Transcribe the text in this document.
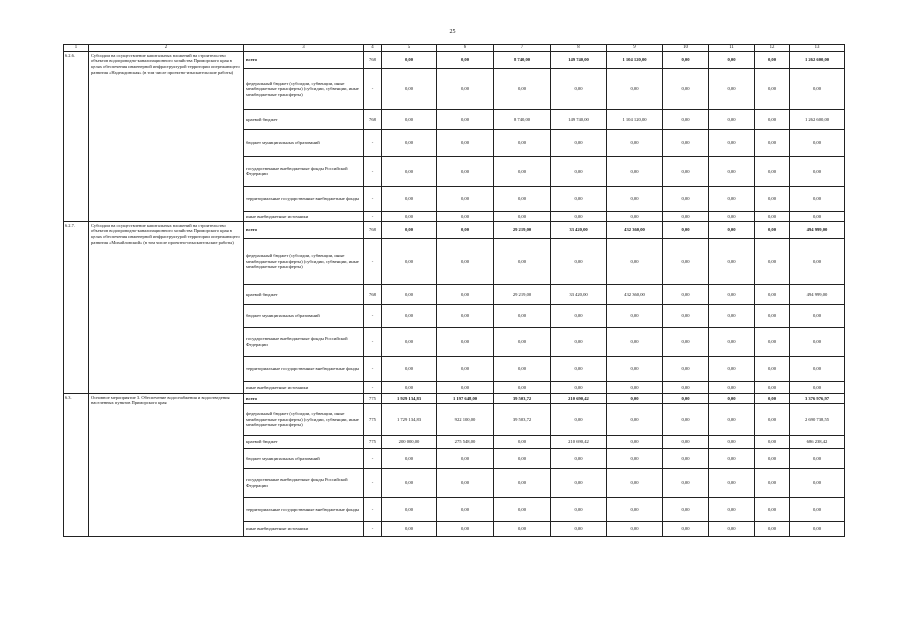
25
1	2	3	4	5	6	7	8	9	10	11	12	13
6.2.6.	Субсидии на осуществление капитальных вложений на строительство объектов водопроводно-канализационного хозяйства Приморского края в целях обеспечения инженерной инфраструктурой территории опережающего развития «Надеждинская» (в том числе проектно-изыскательские работы)	всего	768	0,00	0,00	8 740,00	149 740,00	1 104 120,00	0,00	0,00	0,00	1 262 600,00
		федеральный бюджет (субсидии, субвенции, иные межбюджетные трансферты) (субсидии, субвенции, иные межбюджетные трансферты)	-	0,00	0,00	0,00	0,00	0,00	0,00	0,00	0,00	0,00
		краевой бюджет	768	0,00	0,00	8 740,00	149 740,00	1 104 120,00	0,00	0,00	0,00	1 262 600,00
		бюджет муниципальных образований	-	0,00	0,00	0,00	0,00	0,00	0,00	0,00	0,00	0,00
		государственные внебюджетные фонды Российской Федерации	-	0,00	0,00	0,00	0,00	0,00	0,00	0,00	0,00	0,00
		территориальные государственные внебюджетные фонды	-	0,00	0,00	0,00	0,00	0,00	0,00	0,00	0,00	0,00
		иные внебюджетные источники	-	0,00	0,00	0,00	0,00	0,00	0,00	0,00	0,00	0,00
6.2.7.	Субсидии на осуществление капитальных вложений на строительство объектов водопроводно-канализационного хозяйства Приморского края в целях обеспечения инженерной инфраструктурой территории опережающего развития «Михайловский» (в том числе проектно-изыскательские работы)	всего	768	0,00	0,00	29 219,00	33 420,00	432 360,00	0,00	0,00	0,00	494 999,00
		федеральный бюджет (субсидии, субвенции, иные межбюджетные трансферты) (субсидии, субвенции, иные межбюджетные трансферты)	-	0,00	0,00	0,00	0,00	0,00	0,00	0,00	0,00	0,00
		краевой бюджет	768	0,00	0,00	29 219,00	33 420,00	432 360,00	0,00	0,00	0,00	494 999,00
		бюджет муниципальных образований	-	0,00	0,00	0,00	0,00	0,00	0,00	0,00	0,00	0,00
		государственные внебюджетные фонды Российской Федерации	-	0,00	0,00	0,00	0,00	0,00	0,00	0,00	0,00	0,00
		территориальные государственные внебюджетные фонды	-	0,00	0,00	0,00	0,00	0,00	0,00	0,00	0,00	0,00
		иные внебюджетные источники	-	0,00	0,00	0,00	0,00	0,00	0,00	0,00	0,00	0,00
6.3.	Основное мероприятие 3. Обеспечение водоснабжения и водоотведения населенных пунктов Приморского края	всего	775	1 929 134,83	1 197 648,00	39 503,72	210 690,42	0,00	0,00	0,00	0,00	3 376 976,97
		федеральный бюджет (субсидии, субвенции, иные межбюджетные трансферты) (субсидии, субвенции, иные межбюджетные трансферты)	775	1 729 134,83	922 100,00	39 503,72	0,00	0,00	0,00	0,00	0,00	2 690 738,55
		краевой бюджет	775	200 000,00	275 548,00	0,00	210 690,42	0,00	0,00	0,00	0,00	686 238,42
		бюджет муниципальных образований	-	0,00	0,00	0,00	0,00	0,00	0,00	0,00	0,00	0,00
		государственные внебюджетные фонды Российской Федерации	-	0,00	0,00	0,00	0,00	0,00	0,00	0,00	0,00	0,00
		территориальные государственные внебюджетные фонды	-	0,00	0,00	0,00	0,00	0,00	0,00	0,00	0,00	0,00
		иные внебюджетные источники	-	0,00	0,00	0,00	0,00	0,00	0,00	0,00	0,00	0,00
